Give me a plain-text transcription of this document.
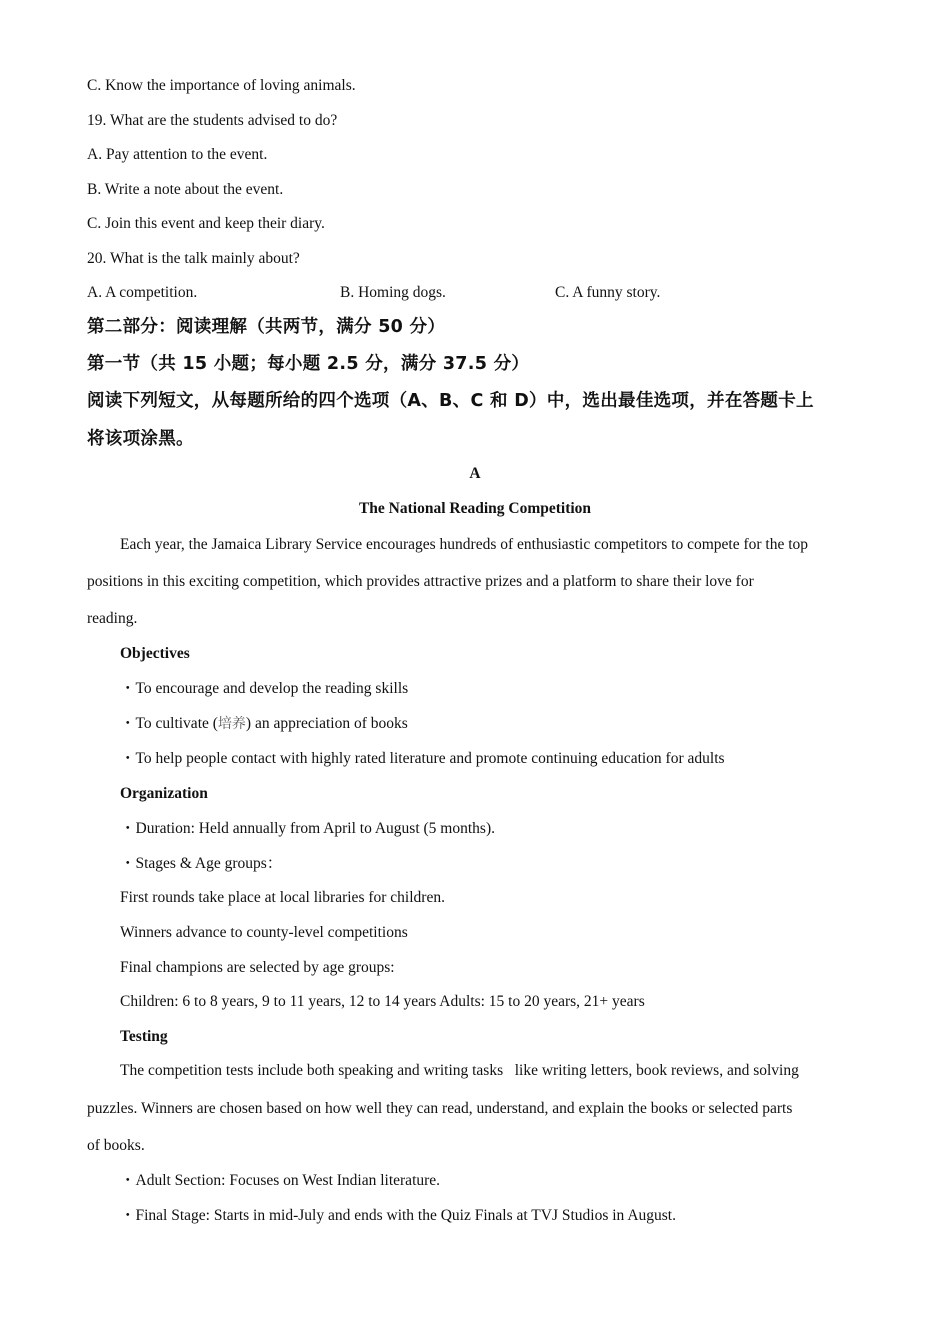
C. Know the importance of loving animals.
19. What are the students advised to do?
A. Pay attention to the event.
B. Write a note about the event.
C. Join this event and keep their diary.
20. What is the talk mainly about?
A. A competition.	B. Homing dogs.	C. A funny story.
第二部分：阅读理解（共两节，满分 50 分）
第一节（共 15 小题；每小题 2.5 分，满分 37.5 分）
阅读下列短文，从每题所给的四个选项（A、B、C 和 D）中，选出最佳选项，并在答题卡上
将该项涂黑。
A
The National Reading Competition
Each year, the Jamaica Library Service encourages hundreds of enthusiastic competitors to compete for the top
positions in this exciting competition, which provides attractive prizes and a platform to share their love for
reading.
Objectives
・To encourage and develop the reading skills
・To cultivate (培养) an appreciation of books
・To help people contact with highly rated literature and promote continuing education for adults
Organization
・Duration: Held annually from April to August (5 months).
・Stages & Age groups：
First rounds take place at local libraries for children.
Winners advance to county-level competitions
Final champions are selected by age groups:
Children: 6 to 8 years, 9 to 11 years, 12 to 14 years Adults: 15 to 20 years, 21+ years
Testing
The competition tests include both speaking and writing tasks   like writing letters, book reviews, and solving
puzzles. Winners are chosen based on how well they can read, understand, and explain the books or selected parts
of books.
・Adult Section: Focuses on West Indian literature.
・Final Stage: Starts in mid-July and ends with the Quiz Finals at TVJ Studios in August.
